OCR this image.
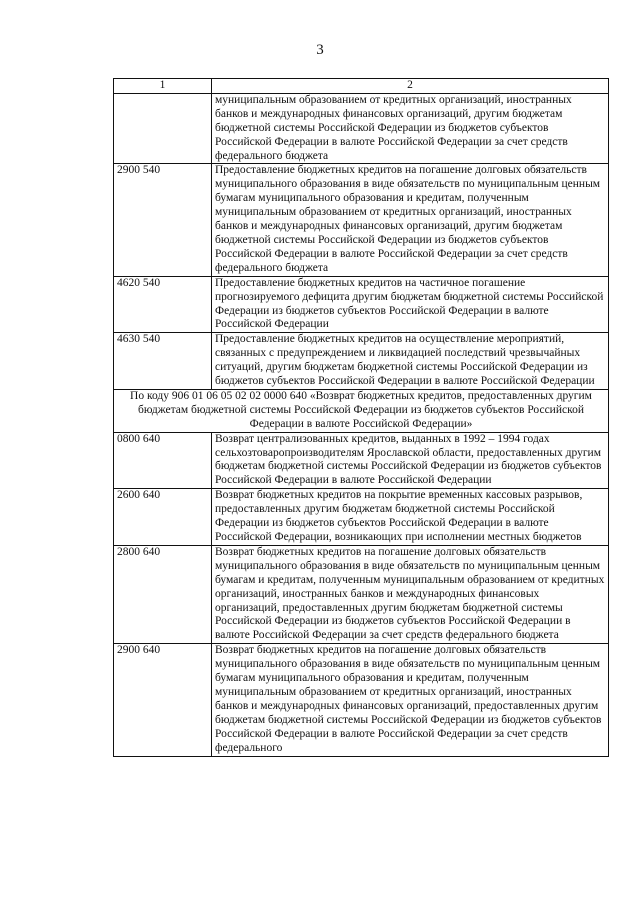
3
1	2
	муниципальным образованием от кредитных организаций, иностранных банков и международных финансовых организаций, другим бюджетам бюджетной системы Российской Федерации из бюджетов субъектов Российской Федерации в валюте Российской Федерации за счет средств федерального бюджета
2900 540	Предоставление бюджетных кредитов на погашение долговых обязательств муниципального образования в виде обязательств по муниципальным ценным бумагам муниципального образования и кредитам, полученным муниципальным образованием от кредитных организаций, иностранных банков и международных финансовых организаций, другим бюджетам бюджетной системы Российской Федерации из бюджетов субъектов Российской Федерации в валюте Российской Федерации за счет средств федерального бюджета
4620 540	Предоставление бюджетных кредитов на частичное погашение прогнозируемого дефицита другим бюджетам бюджетной системы Российской Федерации из бюджетов субъектов Российской Федерации в валюте Российской Федерации
4630 540	Предоставление бюджетных кредитов на осуществление мероприятий, связанных с предупреждением и ликвидацией последствий чрезвычайных ситуаций, другим бюджетам бюджетной системы Российской Федерации из бюджетов субъектов Российской Федерации в валюте Российской Федерации
По коду 906 01 06 05 02 02 0000 640 «Возврат бюджетных кредитов, предоставленных другим бюджетам бюджетной системы Российской Федерации из бюджетов субъектов Российской Федерации в валюте Российской Федерации»	
0800 640	Возврат централизованных кредитов, выданных в 1992 – 1994 годах сельхозтоваропроизводителям Ярославской области, предоставленных другим бюджетам бюджетной системы Российской Федерации из бюджетов субъектов Российской Федерации в валюте Российской Федерации
2600 640	Возврат бюджетных кредитов на покрытие временных кассовых разрывов, предоставленных другим бюджетам бюджетной системы Российской Федерации из бюджетов субъектов Российской Федерации в валюте Российской Федерации, возникающих при исполнении местных бюджетов
2800 640	Возврат бюджетных кредитов на погашение долговых обязательств муниципального образования в виде обязательств по муниципальным ценным бумагам и кредитам, полученным муниципальным образованием от кредитных организаций, иностранных банков и международных финансовых организаций, предоставленных другим бюджетам бюджетной системы Российской Федерации из бюджетов субъектов Российской Федерации в валюте Российской Федерации за счет средств федерального бюджета
2900 640	Возврат бюджетных кредитов на погашение долговых обязательств муниципального образования в виде обязательств по муниципальным ценным бумагам муниципального образования и кредитам, полученным муниципальным образованием от кредитных организаций, иностранных банков и международных финансовых организаций, предоставленных другим бюджетам бюджетной системы Российской Федерации из бюджетов субъектов Российской Федерации в валюте Российской Федерации за счет средств федерального
